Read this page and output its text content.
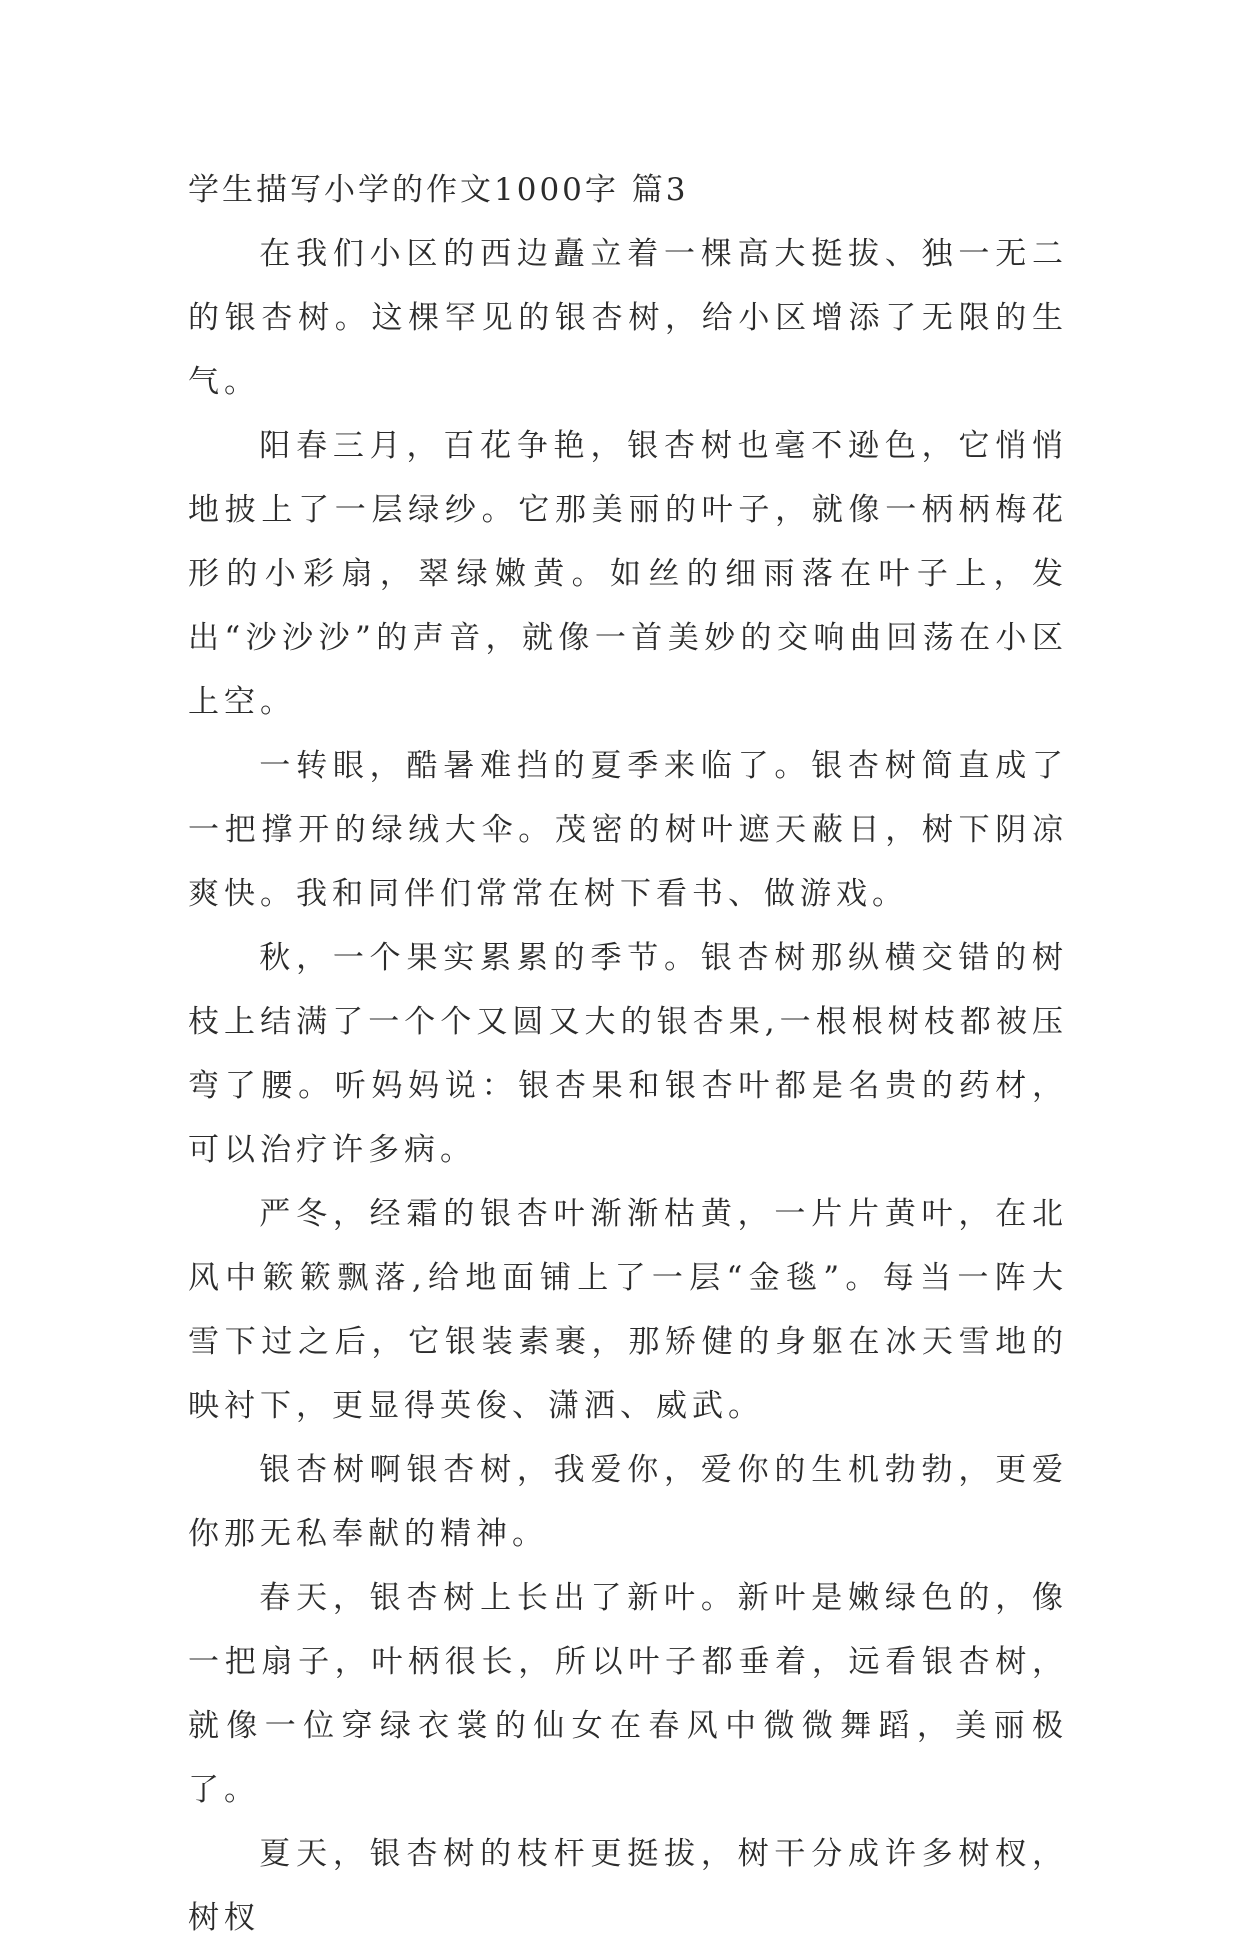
学生描写小学的作文1000字 篇3

在我们小区的西边矗立着一棵高大挺拔、独一无二的银杏树。这棵罕见的银杏树，给小区增添了无限的生气。

阳春三月，百花争艳，银杏树也毫不逊色，它悄悄地披上了一层绿纱。它那美丽的叶子，就像一柄柄梅花形的小彩扇，翠绿嫩黄。如丝的细雨落在叶子上，发出“沙沙沙”的声音，就像一首美妙的交响曲回荡在小区上空。

一转眼，酷暑难挡的夏季来临了。银杏树简直成了一把撑开的绿绒大伞。茂密的树叶遮天蔽日，树下阴凉爽快。我和同伴们常常在树下看书、做游戏。

秋，一个果实累累的季节。银杏树那纵横交错的树枝上结满了一个个又圆又大的银杏果,一根根树枝都被压弯了腰。听妈妈说：银杏果和银杏叶都是名贵的药材，可以治疗许多病。

严冬，经霜的银杏叶渐渐枯黄，一片片黄叶，在北风中簌簌飘落,给地面铺上了一层“金毯”。每当一阵大雪下过之后，它银装素裹，那矫健的身躯在冰天雪地的映衬下，更显得英俊、潇洒、威武。

银杏树啊银杏树，我爱你，爱你的生机勃勃，更爱你那无私奉献的精神。

春天，银杏树上长出了新叶。新叶是嫩绿色的，像一把扇子，叶柄很长，所以叶子都垂着，远看银杏树，就像一位穿绿衣裳的仙女在春风中微微舞蹈，美丽极了。

夏天，银杏树的枝杆更挺拔，树干分成许多树杈，树杈
